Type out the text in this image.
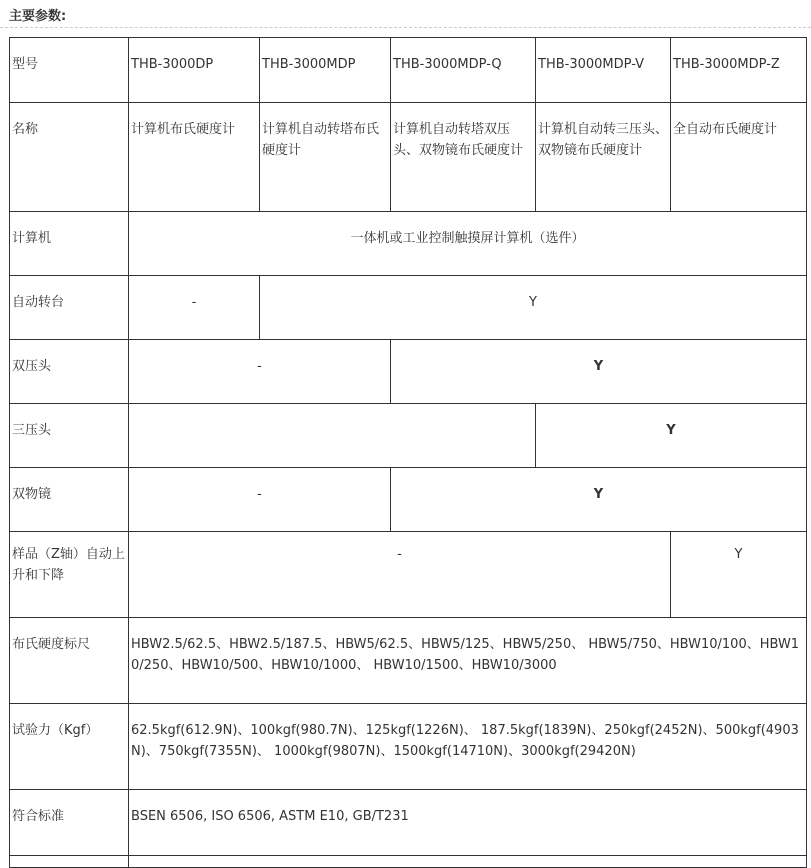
主要参数:
型号	THB-3000DP	THB-3000MDP	THB-3000MDP-Q	THB-3000MDP-V	THB-3000MDP-Z
名称	计算机布氏硬度计	计算机自动转塔布氏硬度计	计算机自动转塔双压头、双物镜布氏硬度计	计算机自动转三压头、双物镜布氏硬度计	全自动布氏硬度计
计算机	一体机或工业控制触摸屏计算机（选件）				
自动转台	-	Y			
双压头	-		Y		
三压头				Y	
双物镜	-		Y		
样品（Z轴）自动上升和下降	-				Y
布氏硬度标尺	HBW2.5/62.5、HBW2.5/187.5、HBW5/62.5、HBW5/125、HBW5/250、 HBW5/750、HBW10/100、HBW10/250、HBW10/500、HBW10/1000、 HBW10/1500、HBW10/3000				
试验力（Kgf）	62.5kgf(612.9N)、100kgf(980.7N)、125kgf(1226N)、 187.5kgf(1839N)、250kgf(2452N)、500kgf(4903N)、750kgf(7355N)、 1000kgf(9807N)、1500kgf(14710N)、3000kgf(29420N)				
符合标准	BSEN 6506, ISO 6506, ASTM E10, GB/T231				
